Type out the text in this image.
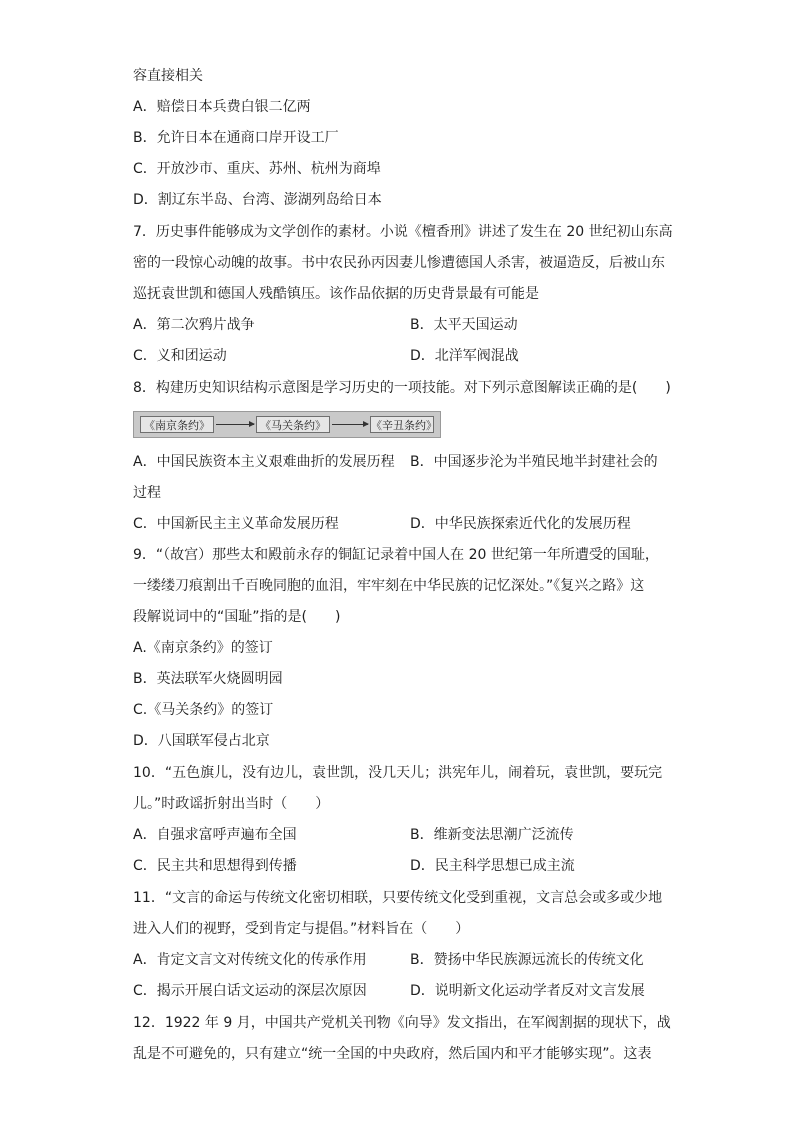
容直接相关
A．赔偿日本兵费白银二亿两
B．允许日本在通商口岸开设工厂
C．开放沙市、重庆、苏州、杭州为商埠
D．割辽东半岛、台湾、澎湖列岛给日本
7．历史事件能够成为文学创作的素材。小说《檀香刑》讲述了发生在 20 世纪初山东高
密的一段惊心动魄的故事。书中农民孙丙因妻儿惨遭德国人杀害，被逼造反，后被山东
巡抚袁世凯和德国人残酷镇压。该作品依据的历史背景最有可能是
A．第二次鸦片战争	B．太平天国运动
C．义和团运动	D．北洋军阀混战
8．构建历史知识结构示意图是学习历史的一项技能。对下列示意图解读正确的是(　　)
《南京条约》	《马关条约》	《辛丑条约》
A．中国民族资本主义艰难曲折的发展历程 B．中国逐步沦为半殖民地半封建社会的
过程
C．中国新民主主义革命发展历程	D．中华民族探索近代化的发展历程
9．“（故宫）那些太和殿前永存的铜缸记录着中国人在 20 世纪第一年所遭受的国耻，
一缕缕刀痕割出千百晚同胞的血泪，牢牢刻在中华民族的记忆深处。”《复兴之路》这
段解说词中的“国耻”指的是(　　)
A.《南京条约》的签订
B．英法联军火烧圆明园
C.《马关条约》的签订
D．八国联军侵占北京
10．“五色旗儿，没有边儿，袁世凯，没几天儿；洪宪年儿，闹着玩，袁世凯，要玩完
儿。”时政谣折射出当时（　　）
A．自强求富呼声遍布全国	B．维新变法思潮广泛流传
C．民主共和思想得到传播	D．民主科学思想已成主流
11．“文言的命运与传统文化密切相联，只要传统文化受到重视，文言总会或多或少地
进入人们的视野，受到肯定与提倡。”材料旨在（　　）
A．肯定文言文对传统文化的传承作用	B．赞扬中华民族源远流长的传统文化
C．揭示开展白话文运动的深层次原因	D．说明新文化运动学者反对文言发展
12．1922 年 9 月，中国共产党机关刊物《向导》发文指出，在军阀割据的现状下，战
乱是不可避免的，只有建立“统一全国的中央政府，然后国内和平才能够实现”。这表
